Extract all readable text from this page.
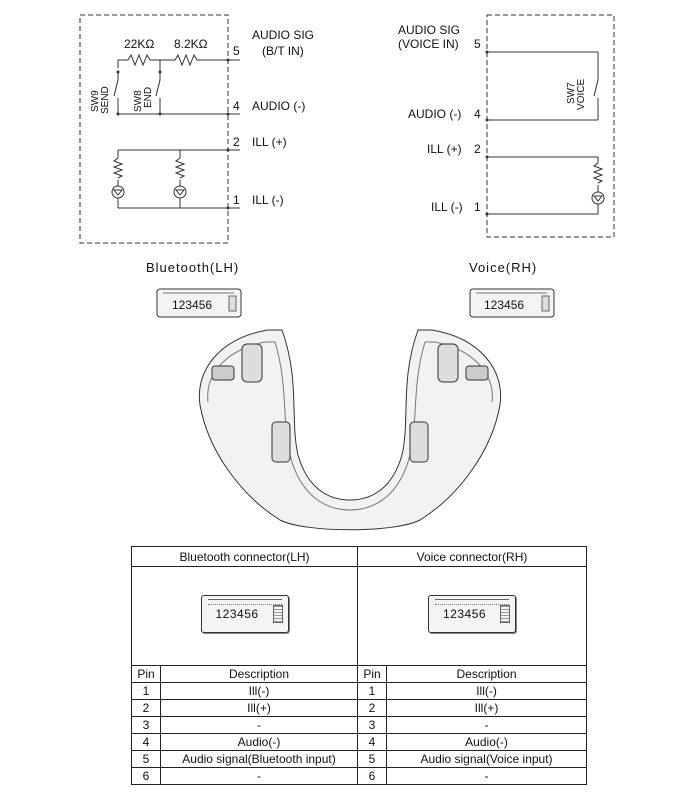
22KΩ 8.2KΩ
SW9 SEND SW8 END
5
AUDIO SIG
(B/T IN)
4 AUDIO (-)
2 ILL (+)
1 ILL (-)
SW7 VOICE
AUDIO SIG
(VOICE IN) 5
AUDIO (-) 4
ILL (+) 2
ILL (-) 1
Bluetooth(LH)	Voice(RH)
123456	123456
Bluetooth connector(LH)		Voice connector(RH)	

123456		123456	

Pin	Description	Pin	Description
1	Ill(-)	1	Ill(-)
2	Ill(+)	2	Ill(+)
3	-	3	-
4	Audio(-)	4	Audio(-)
5	Audio signal(Bluetooth input)	5	Audio signal(Voice input)
6	-	6	-
